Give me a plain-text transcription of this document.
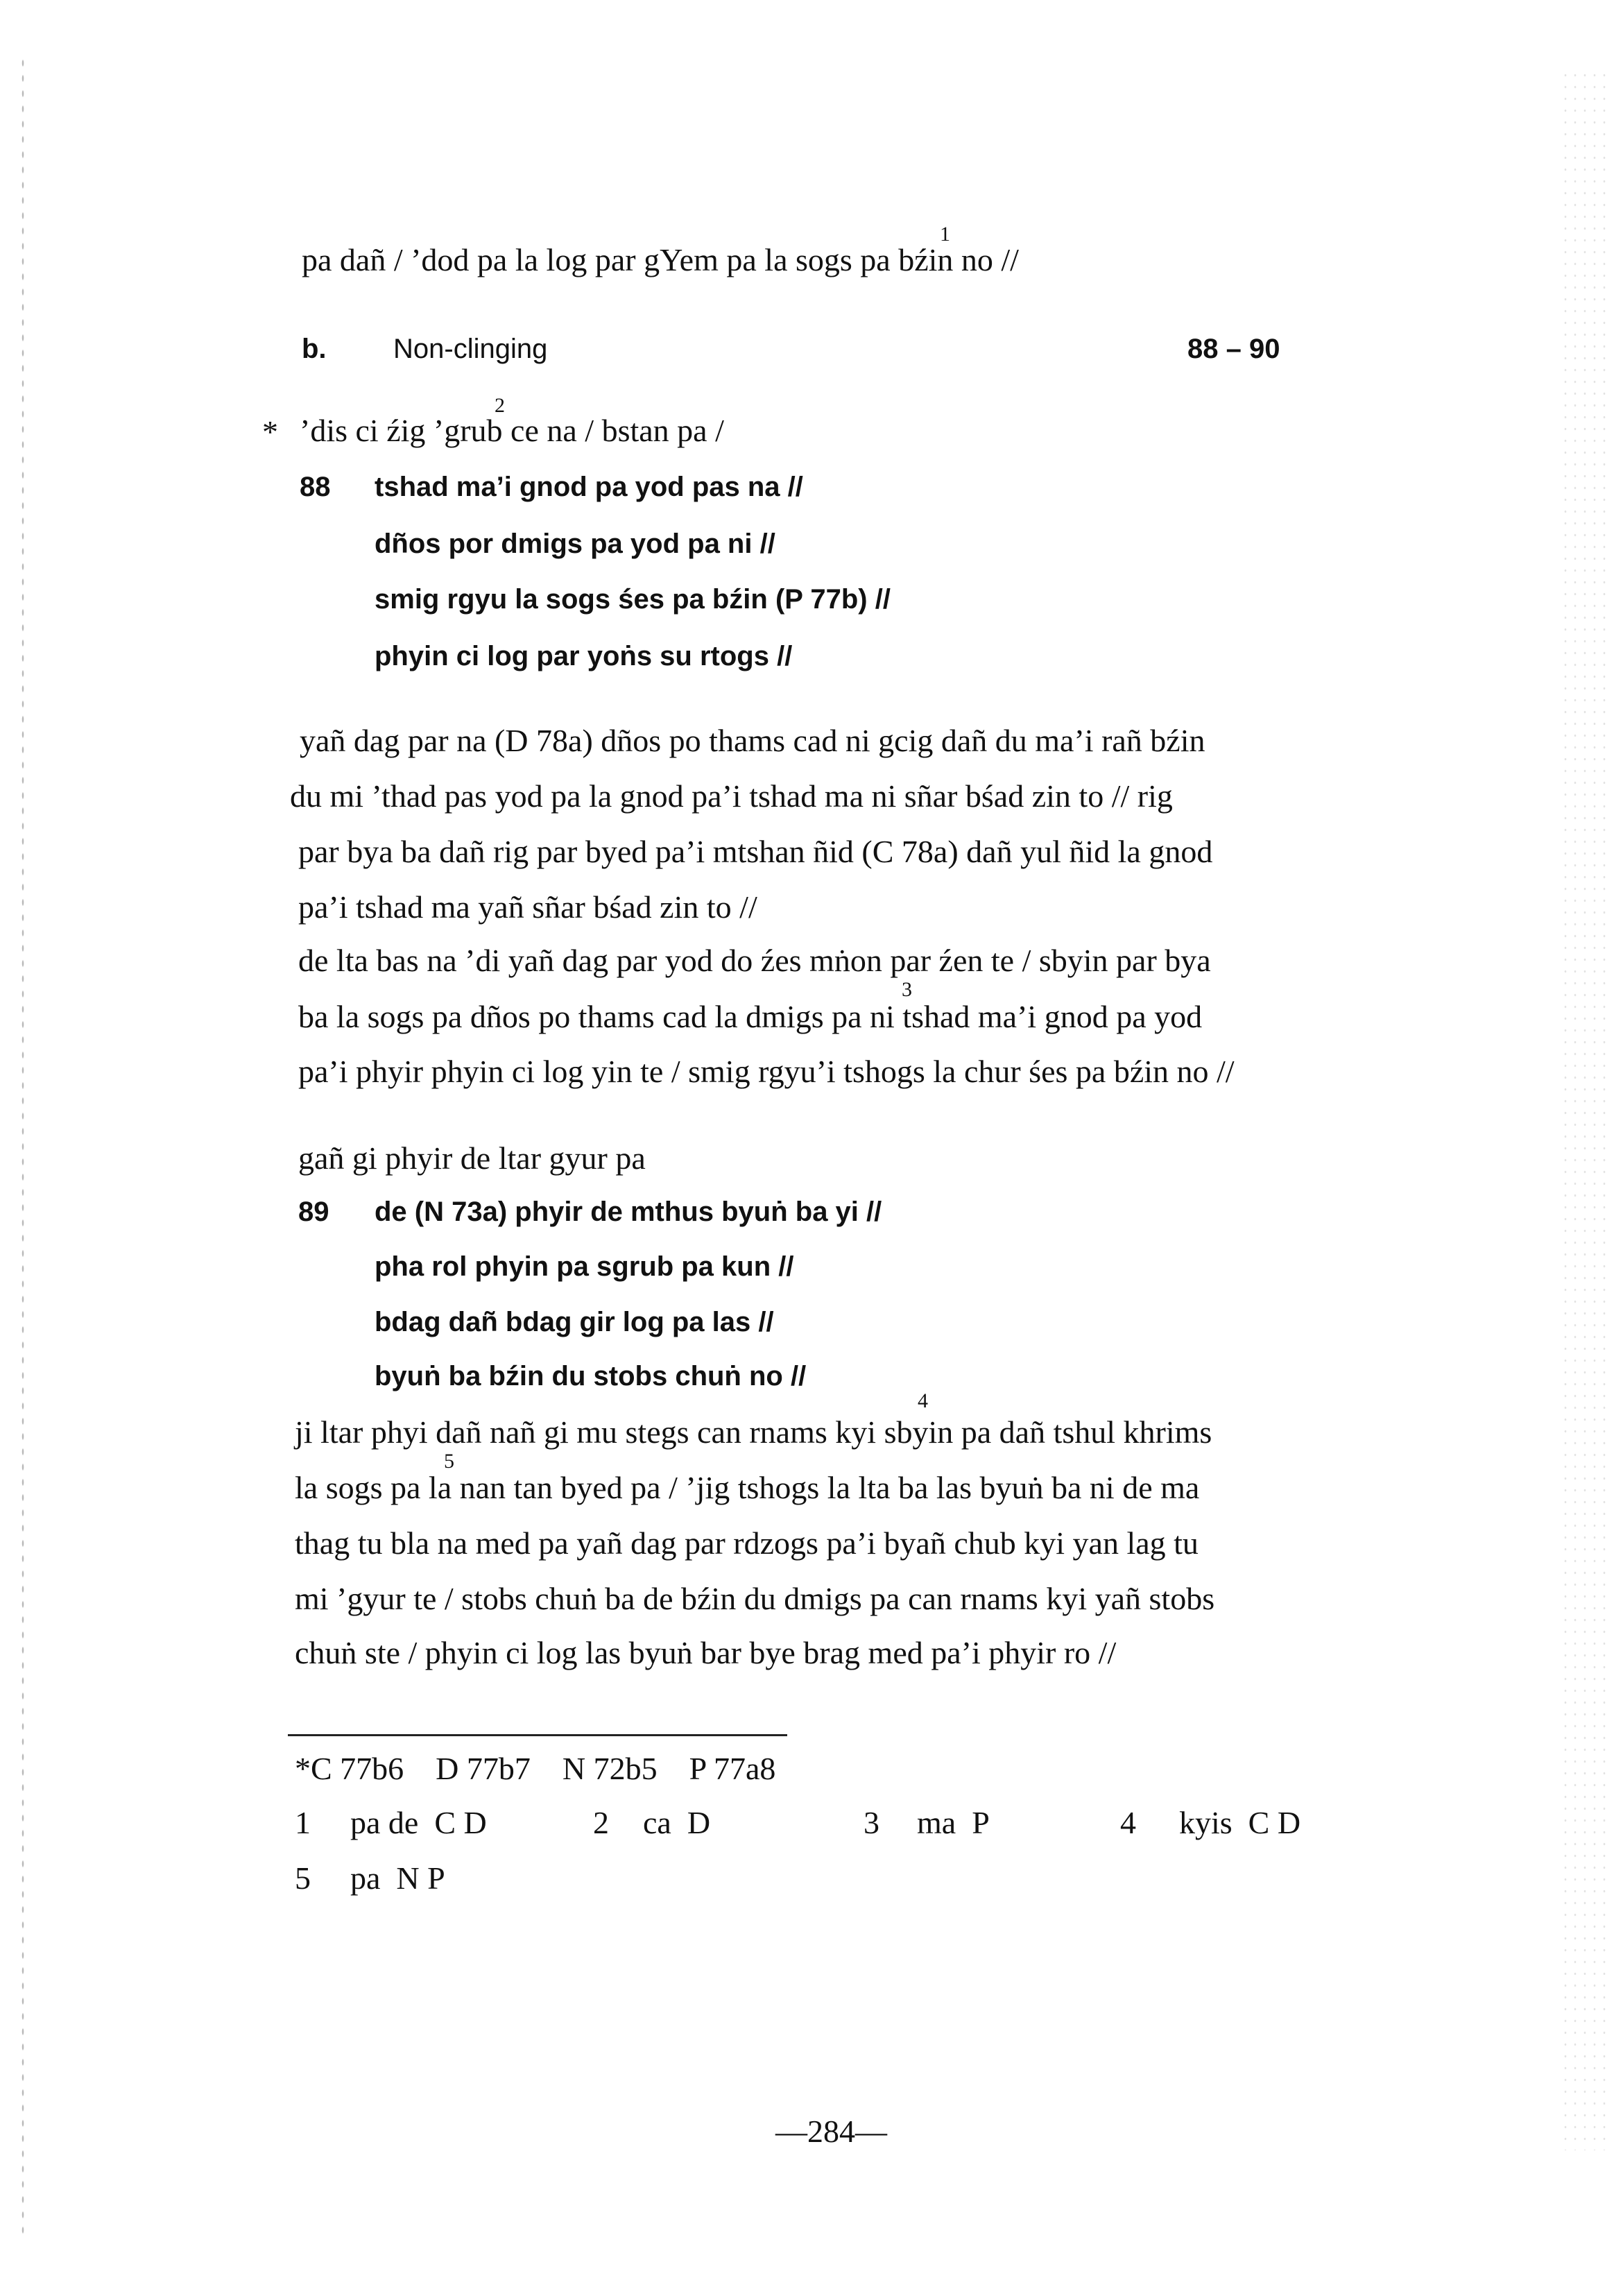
pa dañ / ’dod pa la log par gYem pa la sogs pa bźin no //
1
b. Non-clinging	88 – 90
* ’dis ci źig ’grub ce na / bstan pa /
2
88 tshad ma’i gnod pa yod pas na //
dños por dmigs pa yod pa ni //
smig rgyu la sogs śes pa bźin (P 77b) //
phyin ci log par yoṅs su rtogs //
yañ dag par na (D 78a) dños po thams cad ni gcig dañ du ma’i rañ bźin
du mi ’thad pas yod pa la gnod pa’i tshad ma ni sñar bśad zin to // rig
par bya ba dañ rig par byed pa’i mtshan ñid (C 78a) dañ yul ñid la gnod
pa’i tshad ma yañ sñar bśad zin to //
de lta bas na ’di yañ dag par yod do źes mṅon par źen te / sbyin par bya
3
ba la sogs pa dños po thams cad la dmigs pa ni tshad ma’i gnod pa yod
pa’i phyir phyin ci log yin te / smig rgyu’i tshogs la chur śes pa bźin no //
gañ gi phyir de ltar gyur pa
89 de (N 73a) phyir de mthus byuṅ ba yi //
pha rol phyin pa sgrub pa kun //
bdag dañ bdag gir log pa las //
byuṅ ba bźin du stobs chuṅ no //
4
ji ltar phyi dañ nañ gi mu stegs can rnams kyi sbyin pa dañ tshul khrims
5
la sogs pa la nan tan byed pa / ’jig tshogs la lta ba las byuṅ ba ni de ma
thag tu bla na med pa yañ dag par rdzogs pa’i byañ chub kyi yan lag tu
mi ’gyur te / stobs chuṅ ba de bźin du dmigs pa can rnams kyi yañ stobs
chuṅ ste / phyin ci log las byuṅ bar bye brag med pa’i phyir ro //
*C 77b6    D 77b7    N 72b5    P 77a8
1 pa de  C D	2 ca  D	3 ma  P	4 kyis  C D
5 pa  N P
—284—
